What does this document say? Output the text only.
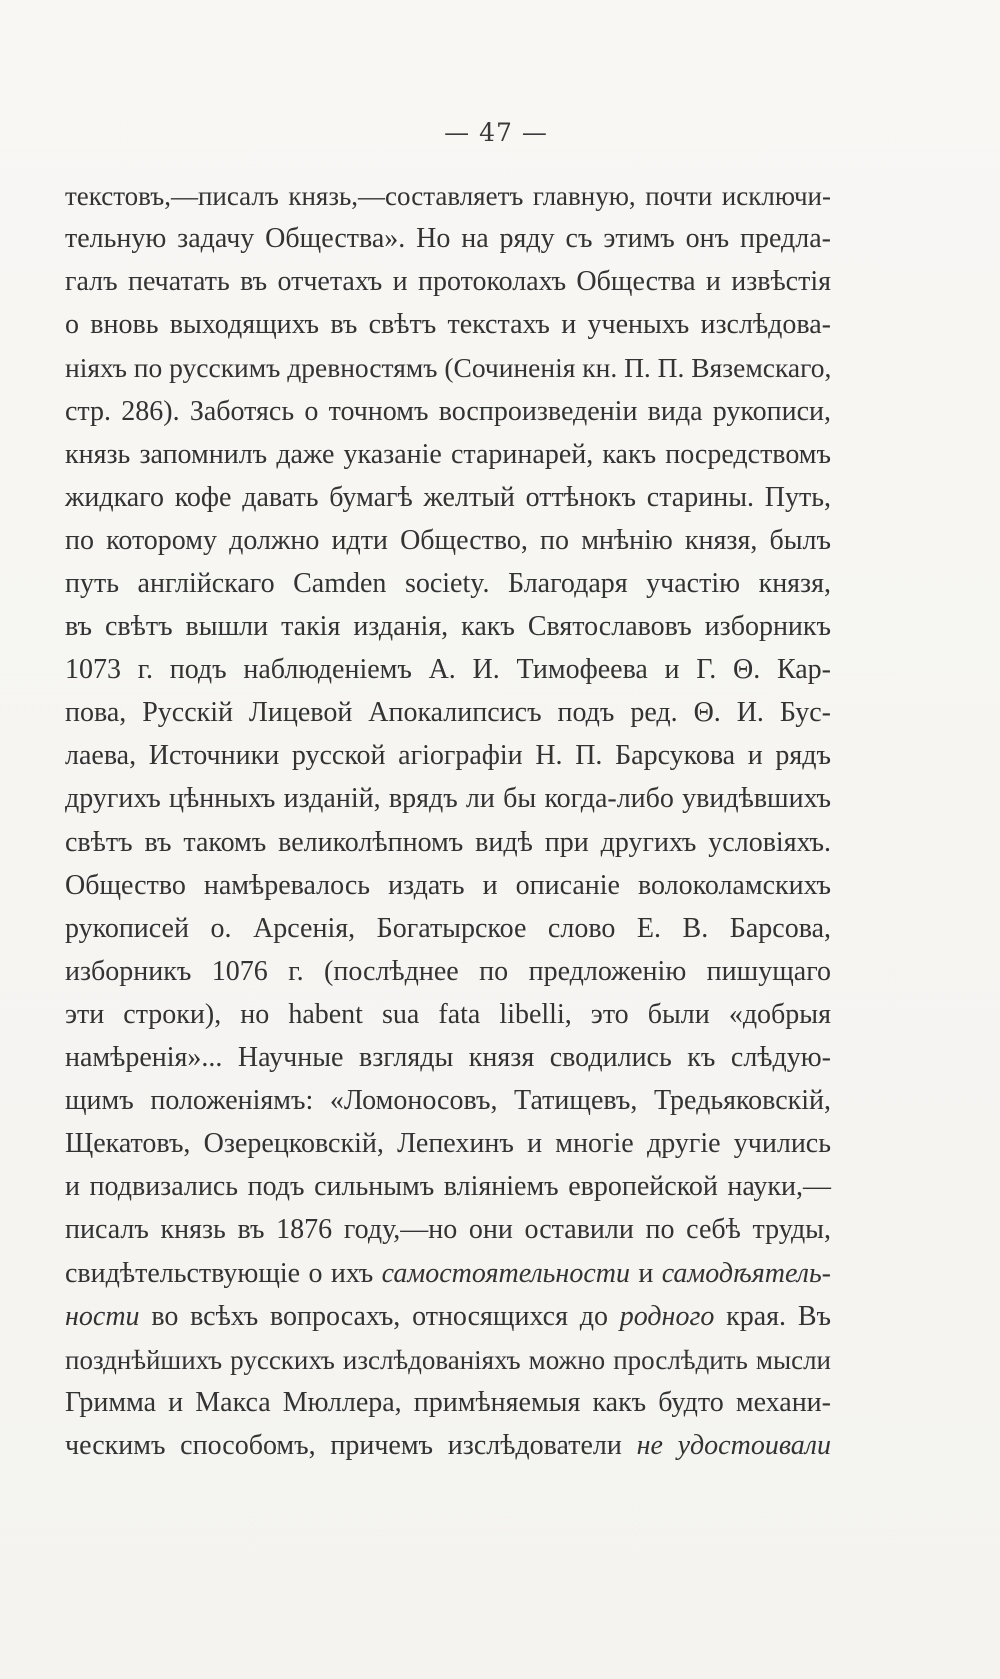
— 47 —
текстовъ,—писалъ князь,—составляетъ главную, почти исключи-
тельную задачу Общества». Но на ряду съ этимъ онъ предла-
галъ печатать въ отчетахъ и протоколахъ Общества и извѣстія
о вновь выходящихъ въ свѣтъ текстахъ и ученыхъ изслѣдова-
ніяхъ по русскимъ древностямъ (Сочиненія кн. П. П. Вяземскаго,
стр. 286). Заботясь о точномъ воспроизведеніи вида рукописи,
князь запомнилъ даже указаніе старинарей, какъ посредствомъ
жидкаго кофе давать бумагѣ желтый оттѣнокъ старины. Путь,
по которому должно идти Общество, по мнѣнію князя, былъ
путь англійскаго Camden society. Благодаря участію князя,
въ свѣтъ вышли такія изданія, какъ Святославовъ изборникъ
1073 г. подъ наблюденіемъ А. И. Тимофеева и Г. Θ. Кар-
пова, Русскій Лицевой Апокалипсисъ подъ ред. Θ. И. Бус-
лаева, Источники русской агіографіи Н. П. Барсукова и рядъ
другихъ цѣнныхъ изданій, врядъ ли бы когда-либо увидѣвшихъ
свѣтъ въ такомъ великолѣпномъ видѣ при другихъ условіяхъ.
Общество намѣревалось издать и описаніе волоколамскихъ
рукописей о. Арсенія, Богатырское слово Е. В. Барсова,
изборникъ 1076 г. (послѣднее по предложенію пишущаго
эти строки), но habent sua fata libelli, это были «добрыя
намѣренія»... Научные взгляды князя сводились къ слѣдую-
щимъ положеніямъ: «Ломоносовъ, Татищевъ, Тредьяковскій,
Щекатовъ, Озерецковскій, Лепехинъ и многіе другіе учились
и подвизались подъ сильнымъ вліяніемъ европейской науки,—
писалъ князь въ 1876 году,—но они оставили по себѣ труды,
свидѣтельствующіе о ихъ самостоятельности и самодѣятель-
ности во всѣхъ вопросахъ, относящихся до родного края. Въ
позднѣйшихъ русскихъ изслѣдованіяхъ можно прослѣдить мысли
Гримма и Макса Мюллера, примѣняемыя какъ будто механи-
ческимъ способомъ, причемъ изслѣдователи не удостоивали
